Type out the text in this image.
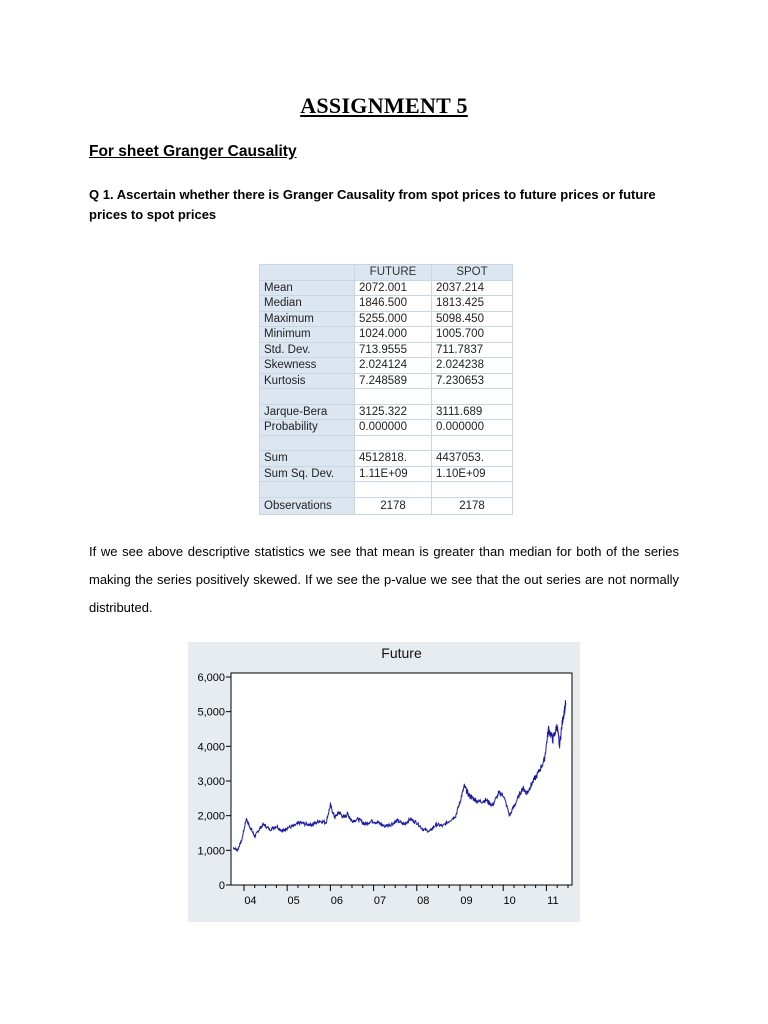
ASSIGNMENT 5
For sheet Granger Causality
Q 1. Ascertain whether there is Granger Causality from spot prices to future prices or future prices to spot prices
	FUTURE	SPOT
Mean	2072.001	2037.214
Median	1846.500	1813.425
Maximum	5255.000	5098.450
Minimum	1024.000	1005.700
Std. Dev.	713.9555	711.7837
Skewness	2.024124	2.024238
Kurtosis	7.248589	7.230653

Jarque-Bera	3125.322	3111.689
Probability	0.000000	0.000000

Sum	4512818.	4437053.
Sum Sq. Dev.	1.11E+09	1.10E+09

Observations	2178	2178
If we see above descriptive statistics we see that mean is greater than median for both of the series making the series positively skewed. If we see the p-value we see that the out series are not normally distributed.
Future
0
1,000
2,000
3,000
4,000
5,000
6,000
04	05	06	07	08	09	10	11
